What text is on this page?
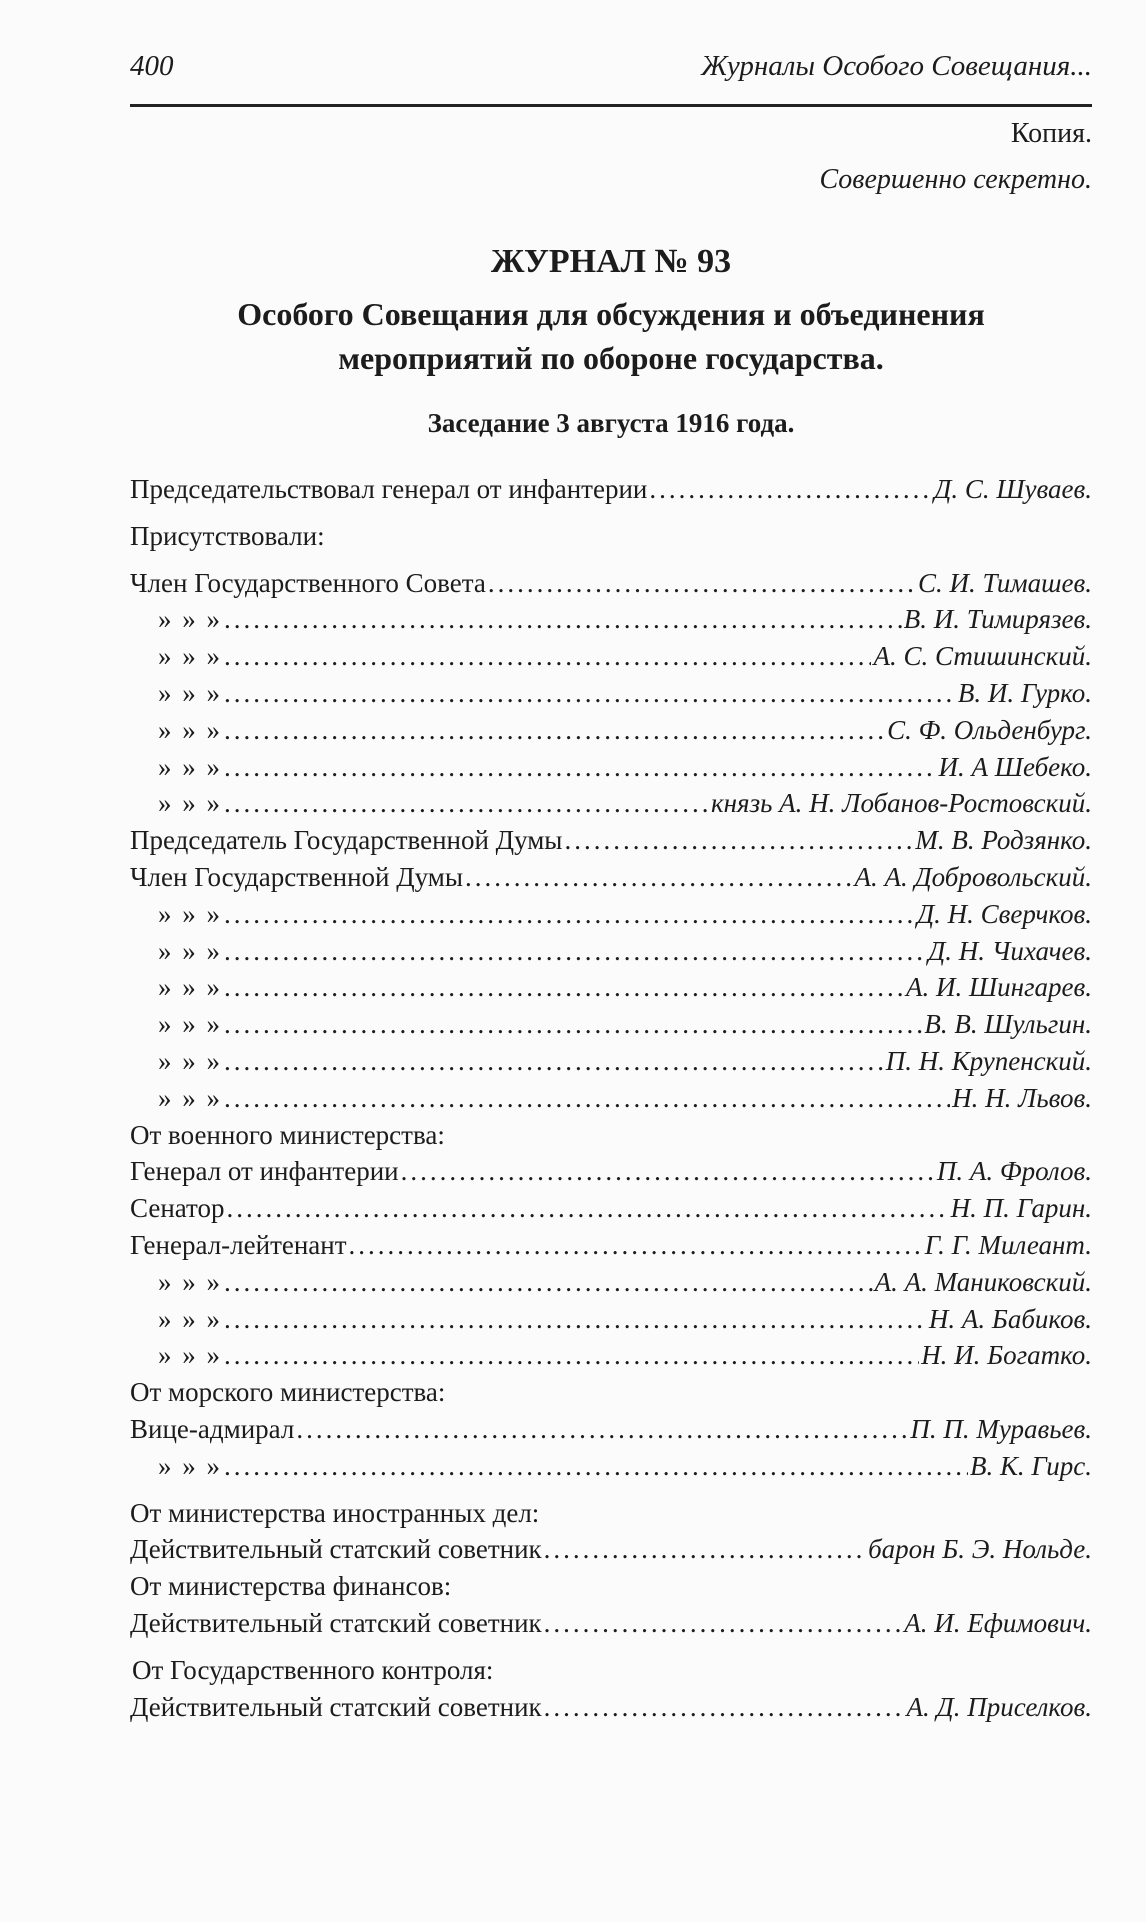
400	Журналы Особого Совещания...
Копия.
Совершенно секретно.
ЖУРНАЛ № 93
Особого Совещания для обсуждения и объединения
мероприятий по обороне государства.
Заседание 3 августа 1916 года.
Председательствовал генерал от инфантерии .....	Д. С. Шуваев.
Присутствовали:
Член Государственного Совета .....	С. И. Тимашев.
» » » .....	В. И. Тимирязев.
» » » .....	А. С. Стишинский.
» » » .....	В. И. Гурко.
» » » .....	С. Ф. Ольденбург.
» » » .....	И. А Шебеко.
» » » .....	князь А. Н. Лобанов-Ростовский.
Председатель Государственной Думы .....	М. В. Родзянко.
Член Государственной Думы .....	А. А. Добровольский.
» » » .....	Д. Н. Сверчков.
» » » .....	Д. Н. Чихачев.
» » » .....	А. И. Шингарев.
» » » .....	В. В. Шульгин.
» » » .....	П. Н. Крупенский.
» » » .....	Н. Н. Львов.
От военного министерства:
Генерал от инфантерии .....	П. А. Фролов.
Сенатор .....	Н. П. Гарин.
Генерал-лейтенант .....	Г. Г. Милеант.
» » » .....	А. А. Маниковский.
» » » .....	Н. А. Бабиков.
» » » .....	Н. И. Богатко.
От морского министерства:
Вице-адмирал .....	П. П. Муравьев.
» » » .....	В. К. Гирс.
От министерства иностранных дел:
Действительный статский советник .....	барон Б. Э. Нольде.
От министерства финансов:
Действительный статский советник .....	А. И. Ефимович.
От Государственного контроля:
Действительный статский советник .....	А. Д. Приселков.
